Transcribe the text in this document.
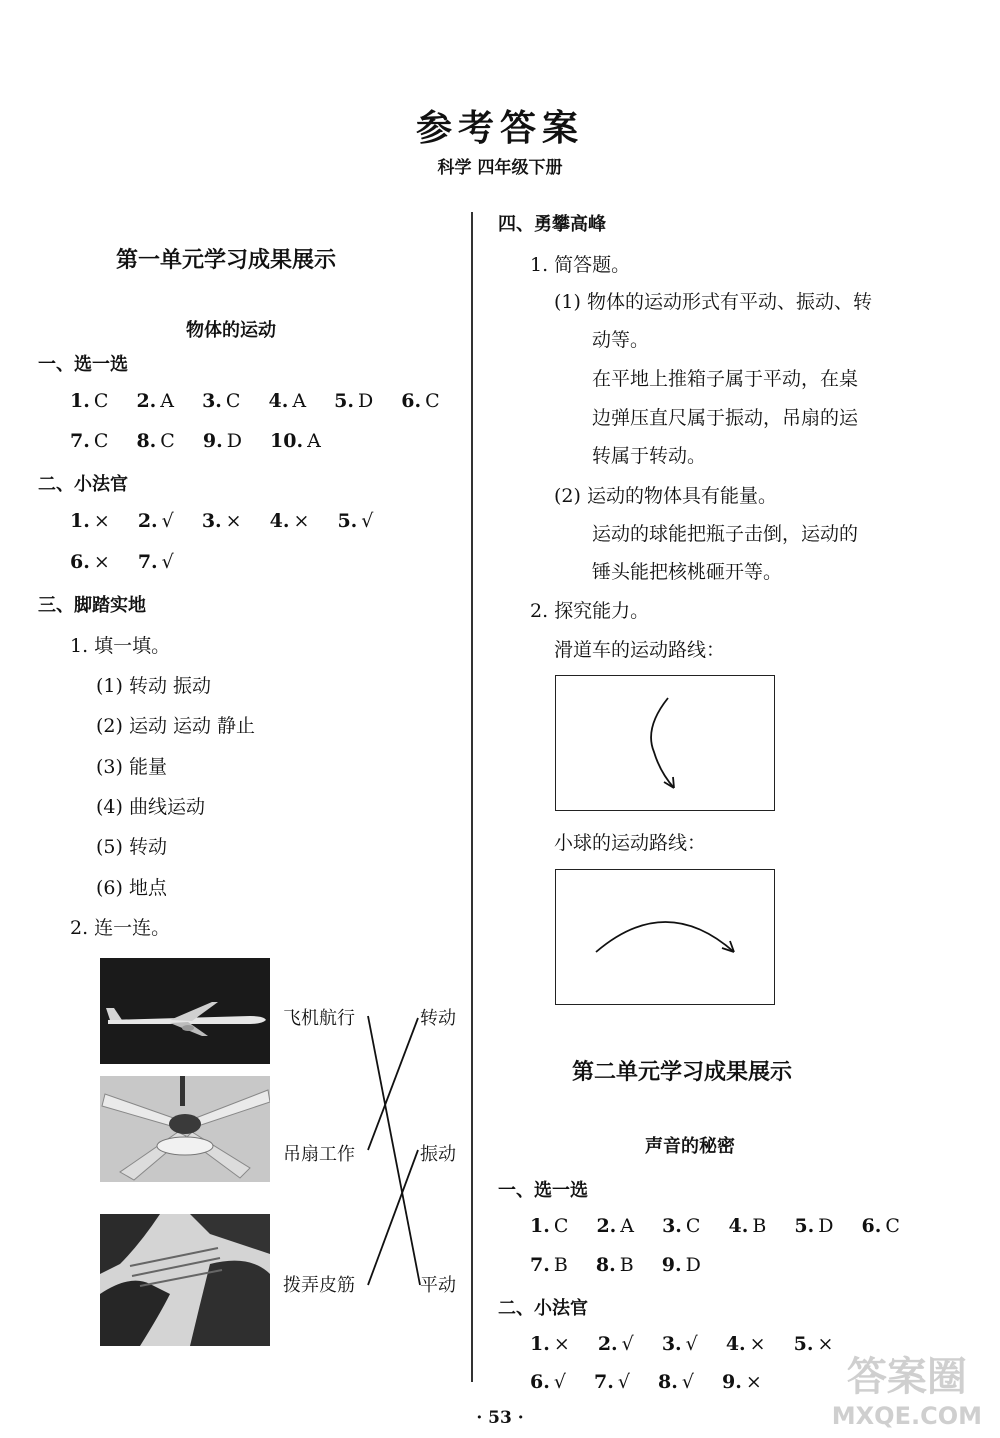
参考答案
科学 四年级下册
第一单元学习成果展示
物体的运动
一、选一选
1. C 2. A 3. C 4. A 5. D 6. C
7. C 8. C 9. D 10. A
二、小法官
1. × 2. √ 3. × 4. × 5. √
6. × 7. √
三、脚踏实地
1. 填一填。
(1) 转动 振动
(2) 运动 运动 静止
(3) 能量
(4) 曲线运动
(5) 转动
(6) 地点
2. 连一连。
飞机航行
吊扇工作
拨弄皮筋
转动
振动
平动
四、勇攀高峰
1. 简答题。
(1) 物体的运动形式有平动、振动、转
动等。
在平地上推箱子属于平动，在桌
边弹压直尺属于振动，吊扇的运
转属于转动。
(2) 运动的物体具有能量。
运动的球能把瓶子击倒，运动的
锤头能把核桃砸开等。
2. 探究能力。
滑道车的运动路线：
小球的运动路线：
第二单元学习成果展示
声音的秘密
一、选一选
1. C 2. A 3. C 4. B 5. D 6. C
7. B 8. B 9. D
二、小法官
1. × 2. √ 3. √ 4. × 5. ×
6. √ 7. √ 8. √ 9. ×
· 53 ·
答案圈
MXQE.COM
